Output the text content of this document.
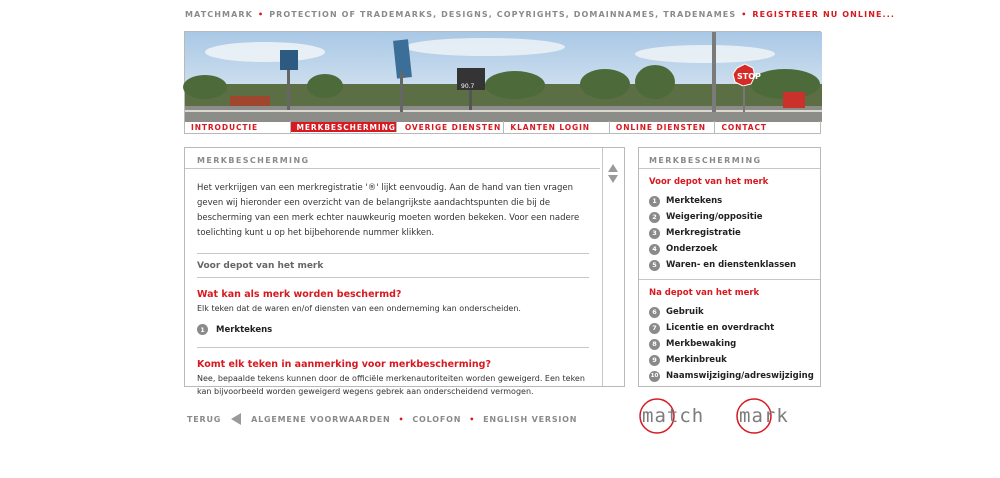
MATCHMARK • PROTECTION OF TRADEMARKS, DESIGNS, COPYRIGHTS, DOMAINNAMES, TRADENAMES • REGISTREER NU ONLINE...
90.7
STOP
INTRODUCTIE	MERKBESCHERMING	OVERIGE DIENSTEN	KLANTEN LOGIN	ONLINE DIENSTEN	CONTACT
MERKBESCHERMING
Het verkrijgen van een merkregistratie '®' lijkt eenvoudig. Aan de hand van tien vragen geven wij hieronder een overzicht van de belangrijkste aandachtspunten die bij de bescherming van een merk echter nauwkeurig moeten worden bekeken. Voor een nadere toelichting kunt u op het bijbehorende nummer klikken.
Voor depot van het merk
Wat kan als merk worden beschermd?
Elk teken dat de waren en/of diensten van een onderneming kan onderscheiden.
1	Merktekens
Komt elk teken in aanmerking voor merkbescherming?
Nee, bepaalde tekens kunnen door de officiële merkenautoriteiten worden geweigerd. Een teken kan bijvoorbeeld worden geweigerd wegens gebrek aan onderscheidend vermogen.
MERKBESCHERMING
Voor depot van het merk
1	Merktekens
2	Weigering/oppositie
3	Merkregistratie
4	Onderzoek
5	Waren- en dienstenklassen
Na depot van het merk
6	Gebruik
7	Licentie en overdracht
8	Merkbewaking
9	Merkinbreuk
10 Naamswijziging/adreswijziging
TERUG	ALGEMENE VOORWAARDEN • COLOFON • ENGLISH VERSION	match mark
